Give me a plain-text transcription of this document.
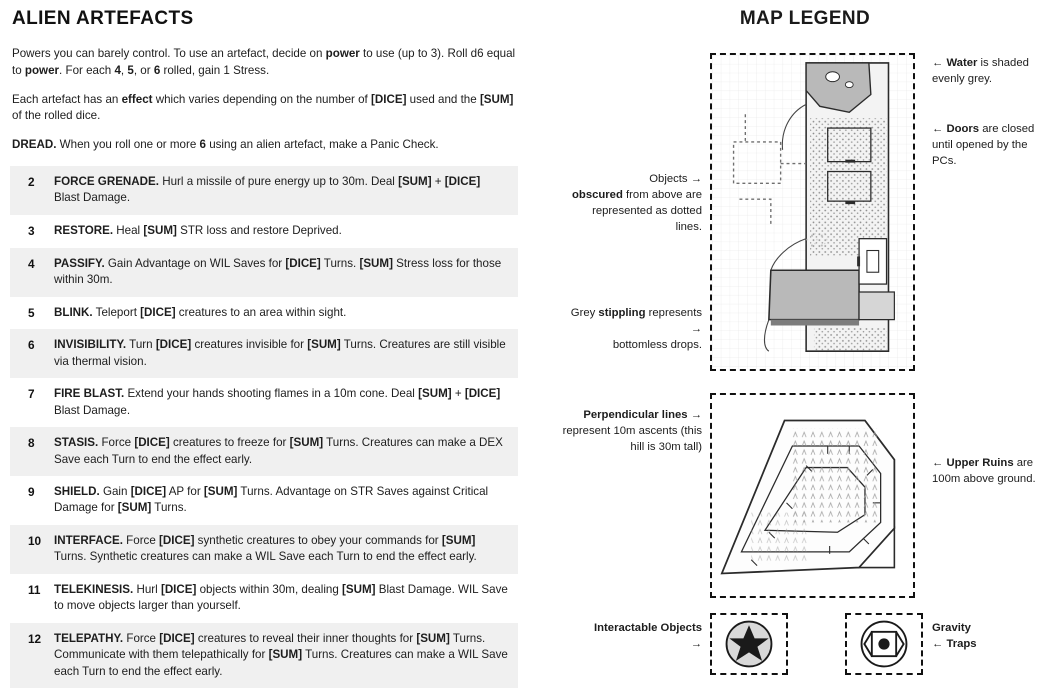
ALIEN ARTEFACTS

Powers you can barely control. To use an artefact, decide on power to use (up to 3). Roll d6 equal to power. For each 4, 5, or 6 rolled, gain 1 Stress.

Each artefact has an effect which varies depending on the number of [DICE] used and the [SUM] of the rolled dice.

DREAD. When you roll one or more 6 using an alien artefact, make a Panic Check.

2	FORCE GRENADE. Hurl a missile of pure energy up to 30m. Deal [SUM] + [DICE] Blast Damage.
3	RESTORE. Heal [SUM] STR loss and restore Deprived.
4	PASSIFY. Gain Advantage on WIL Saves for [DICE] Turns. [SUM] Stress loss for those within 30m.
5	BLINK. Teleport [DICE] creatures to an area within sight.
6	INVISIBILITY. Turn [DICE] creatures invisible for [SUM] Turns. Creatures are still visible via thermal vision.
7	FIRE BLAST. Extend your hands shooting flames in a 10m cone. Deal [SUM] + [DICE] Blast Damage.
8	STASIS. Force [DICE] creatures to freeze for [SUM] Turns. Creatures can make a DEX Save each Turn to end the effect early.
9	SHIELD. Gain [DICE] AP for [SUM] Turns. Advantage on STR Saves against Critical Damage for [SUM] Turns.
10	INTERFACE. Force [DICE] synthetic creatures to obey your commands for [SUM] Turns. Synthetic creatures can make a WIL Save each Turn to end the effect early.
11	TELEKINESIS. Hurl [DICE] objects within 30m, dealing [SUM] Blast Damage. WIL Save to move objects larger than yourself.
12	TELEPATHY. Force [DICE] creatures to reveal their inner thoughts for [SUM] Turns. Communicate with them telepathically for [SUM] Turns. Creatures can make a WIL Save each Turn to end the effect early.
MAP LEGEND
← Water is shaded evenly grey.
← Doors are closed until opened by the PCs.
Objects →
obscured from above are represented as dotted lines.
Grey stippling represents →
bottomless drops.
Perpendicular lines →
represent 10m ascents (this hill is 30m tall)
← Upper Ruins are 100m above ground.
Interactable Objects →
Gravity
← Traps
